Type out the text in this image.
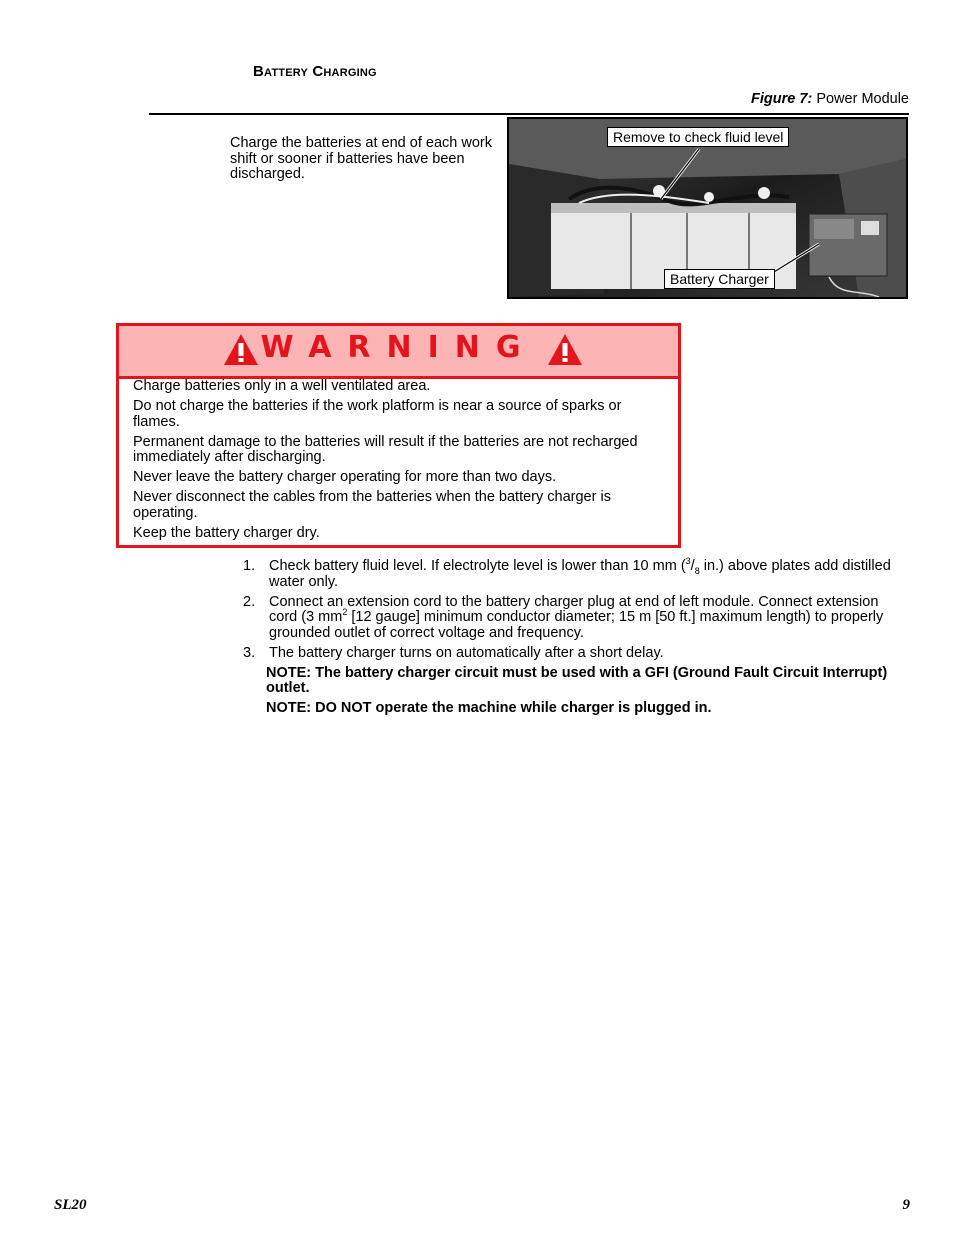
Battery Charging
Figure 7: Power Module
Charge the batteries at end of each work shift or sooner if batteries have been discharged.
Remove to check fluid level
Battery Charger
WARNING

Charge batteries only in a well ventilated area.

Do not charge the batteries if the work platform is near a source of sparks or flames.

Permanent damage to the batteries will result if the batteries are not recharged immediately after discharging.

Never leave the battery charger operating for more than two days.

Never disconnect the cables from the batteries when the battery charger is operating.

Keep the battery charger dry.

1. Check battery fluid level. If electrolyte level is lower than 10 mm ($^3/_8$ in.) above plates add distilled water only.
2. Connect an extension cord to the battery charger plug at end of left module. Connect extension cord (3 $mm^2$ [12 gauge] minimum conductor diameter; 15 m [50 ft.] maximum length) to properly grounded outlet of correct voltage and frequency.
3. The battery charger turns on automatically after a short delay.
NOTE: The battery charger circuit must be used with a GFI (Ground Fault Circuit Interrupt) outlet.
NOTE: DO NOT operate the machine while charger is plugged in.
SL20	9
